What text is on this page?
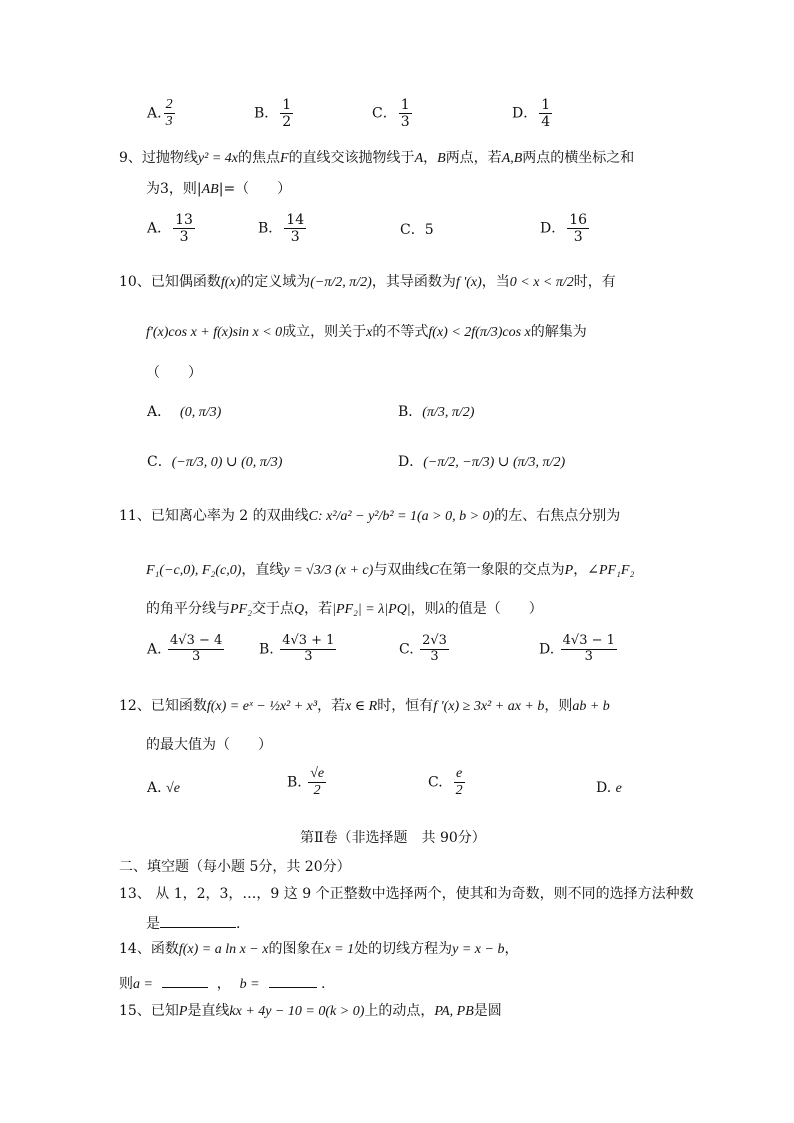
A. $\frac{2}{3}$	B． $\frac{1}{2}$	C． $\frac{1}{3}$	D． $\frac{1}{4}$
9、过抛物线y² = 4x的焦点F的直线交该抛物线于A，B两点，若A,B两点的横坐标之和
为3，则|AB|=（　　）
A． $\frac{13}{3}$	B． $\frac{14}{3}$	C．5	D． $\frac{16}{3}$
10、已知偶函数f(x)的定义域为(−π/2, π/2)，其导函数为f '(x)，当0 < x < π/2时，有
f'(x)cos x + f(x)sin x < 0成立，则关于x的不等式f(x) < 2f(π/3)cos x的解集为
（　　）
A． (0, π/3)	B．(π/3, π/2)
C．(−π/3, 0) ∪ (0, π/3)	D．(−π/2, −π/3) ∪ (π/3, π/2)
11、已知离心率为 2 的双曲线C: x²/a² − y²/b² = 1(a > 0, b > 0)的左、右焦点分别为
F₁(−c,0), F₂(c,0)，直线y = √3/3 (x + c)与双曲线C在第一象限的交点为P，∠PF₁F₂
的角平分线与PF₂交于点Q，若|PF₂| = λ|PQ|，则λ的值是（　　）
A. $\frac{4√3 - 4}{3} B$. $\frac{4√3 + 1}{3}$	C. $\frac{2√3}{3}$	D. $\frac{4√3 - 1}{3}$
12、已知函数f(x) = eˣ − ½x² + x³，若x ∈ R时，恒有f '(x) ≥ 3x² + ax + b，则ab + b
的最大值为（　　）
A. √e	B. $\frac{√e}{2}$	C. $\frac{e}{2}$	D. e
第Ⅱ卷（非选择题　共 90分）
二、填空题（每小题 5分，共 20分）
13、 从 1，2，3，…，9 这 9 个正整数中选择两个，使其和为奇数，则不同的选择方法种数
是	.
14、函数f(x) = a ln x − x的图象在x = 1处的切线方程为y = x − b，
则a =	， b =	.
15、已知P是直线kx + 4y − 10 = 0(k > 0)上的动点，PA, PB是圆
